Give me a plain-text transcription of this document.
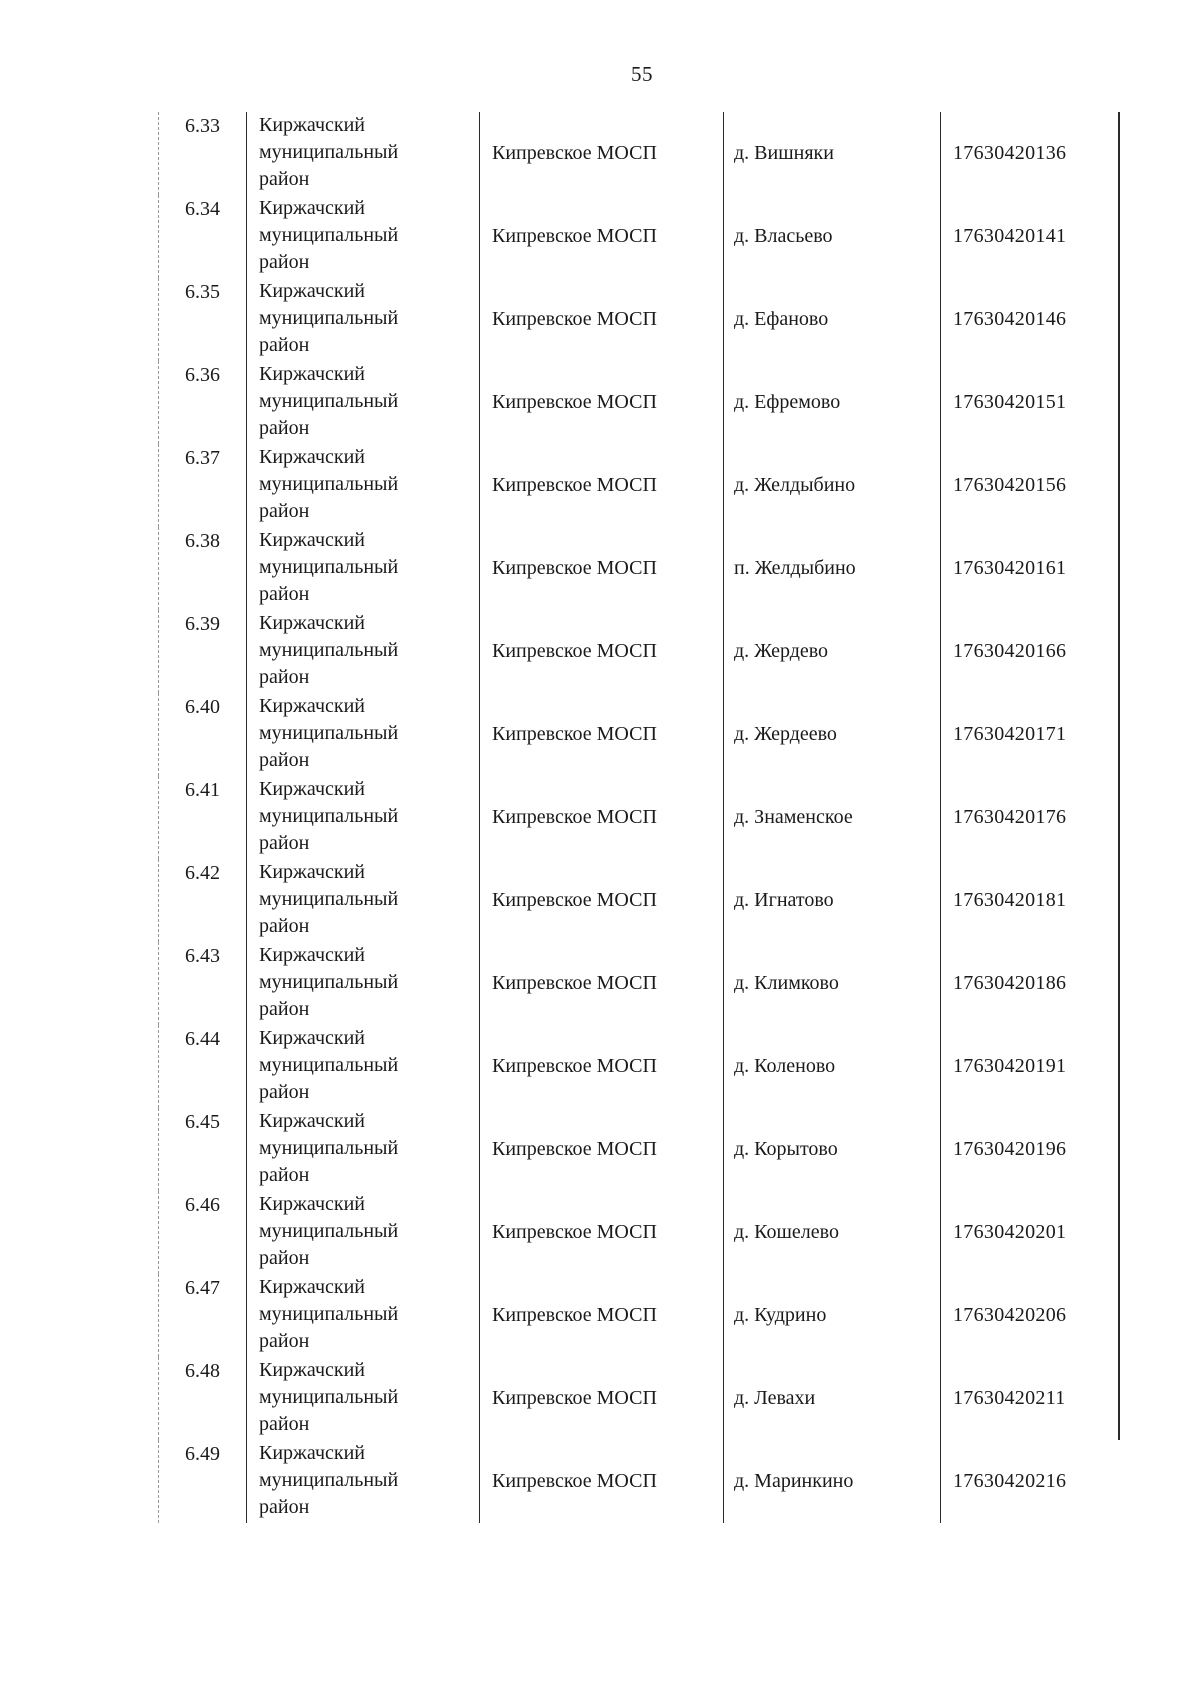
55
6.33	Киржачский
муниципальный
район	Кипревское МОСП	д. Вишняки	17630420136
6.34	Киржачский
муниципальный
район	Кипревское МОСП	д. Власьево	17630420141
6.35	Киржачский
муниципальный
район	Кипревское МОСП	д. Ефаново	17630420146
6.36	Киржачский
муниципальный
район	Кипревское МОСП	д. Ефремово	17630420151
6.37	Киржачский
муниципальный
район	Кипревское МОСП	д. Желдыбино	17630420156
6.38	Киржачский
муниципальный
район	Кипревское МОСП	п. Желдыбино	17630420161
6.39	Киржачский
муниципальный
район	Кипревское МОСП	д. Жердево	17630420166
6.40	Киржачский
муниципальный
район	Кипревское МОСП	д. Жердеево	17630420171
6.41	Киржачский
муниципальный
район	Кипревское МОСП	д. Знаменское	17630420176
6.42	Киржачский
муниципальный
район	Кипревское МОСП	д. Игнатово	17630420181
6.43	Киржачский
муниципальный
район	Кипревское МОСП	д. Климково	17630420186
6.44	Киржачский
муниципальный
район	Кипревское МОСП	д. Коленово	17630420191
6.45	Киржачский
муниципальный
район	Кипревское МОСП	д. Корытово	17630420196
6.46	Киржачский
муниципальный
район	Кипревское МОСП	д. Кошелево	17630420201
6.47	Киржачский
муниципальный
район	Кипревское МОСП	д. Кудрино	17630420206
6.48	Киржачский
муниципальный
район	Кипревское МОСП	д. Левахи	17630420211
6.49	Киржачский
муниципальный
район	Кипревское МОСП	д. Маринкино	17630420216
